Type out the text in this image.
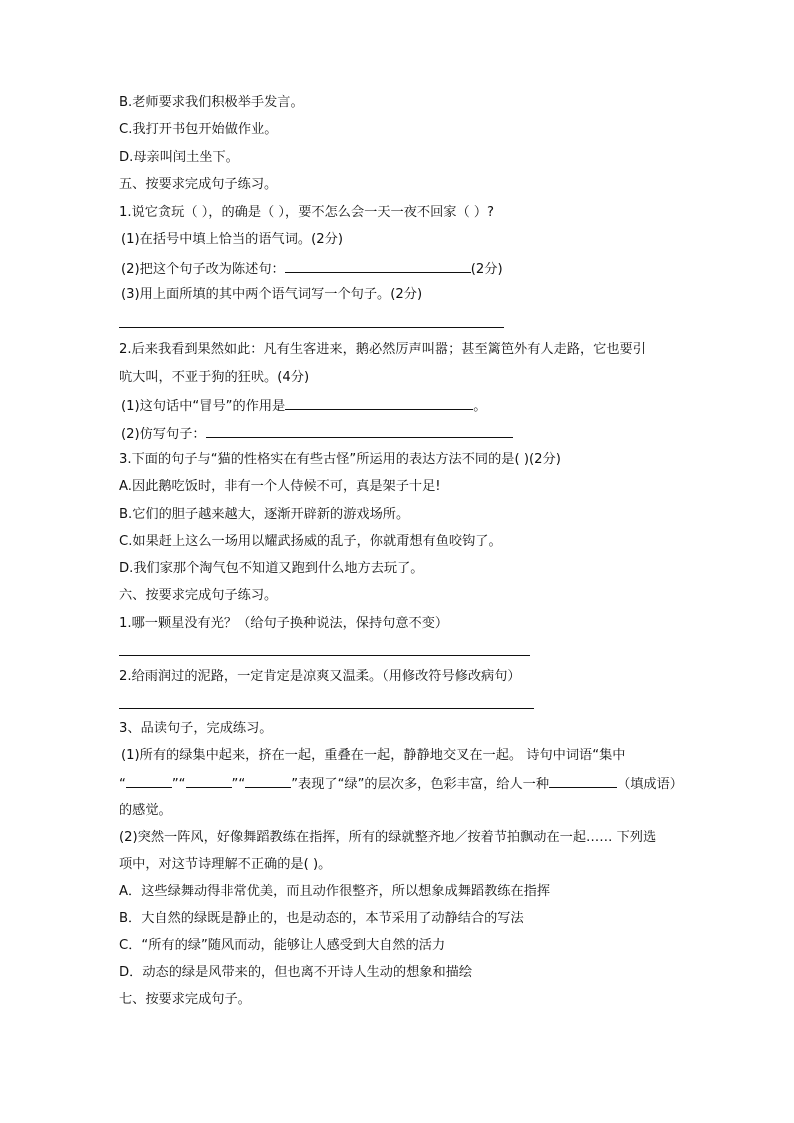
B.老师要求我们积极举手发言。
C.我打开书包开始做作业。
D.母亲叫闰土坐下。
五、按要求完成句子练习。
1.说它贪玩（ ），的确是（ ），要不怎么会一天一夜不回家（ ）?
(1)在括号中填上恰当的语气词。(2分)
(2)把这个句子改为陈述句：	(2分)
(3)用上面所填的其中两个语气词写一个句子。(2分)
2.后来我看到果然如此：凡有生客进来，鹅必然厉声叫嚣；甚至篱笆外有人走路，它也要引
吭大叫，不亚于狗的狂吠。(4分)
(1)这句话中“冒号”的作用是	。
(2)仿写句子：
3.下面的句子与“猫的性格实在有些古怪”所运用的表达方法不同的是( )(2分)
A.因此鹅吃饭时，非有一个人侍候不可，真是架子十足!
B.它们的胆子越来越大，逐渐开辟新的游戏场所。
C.如果赶上这么一场用以耀武扬威的乱子，你就甭想有鱼咬钩了。
D.我们家那个淘气包不知道又跑到什么地方去玩了。
六、按要求完成句子练习。
1.哪一颗星没有光？（给句子换种说法，保持句意不变）
2.给雨润过的泥路，一定肯定是凉爽又温柔。（用修改符号修改病句）
3、品读句子，完成练习。
(1)所有的绿集中起来，挤在一起，重叠在一起，静静地交叉在一起。 诗句中词语“集中
“	”“	”“	”表现了“绿”的层次多，色彩丰富，给人一种	（填成语）
的感觉。
(2)突然一阵风，好像舞蹈教练在指挥，所有的绿就整齐地／按着节拍飘动在一起…… 下列选
项中，对这节诗理解不正确的是( )。
A．这些绿舞动得非常优美，而且动作很整齐，所以想象成舞蹈教练在指挥
B．大自然的绿既是静止的，也是动态的，本节采用了动静结合的写法
C．“所有的绿”随风而动，能够让人感受到大自然的活力
D．动态的绿是风带来的，但也离不开诗人生动的想象和描绘
七、按要求完成句子。
